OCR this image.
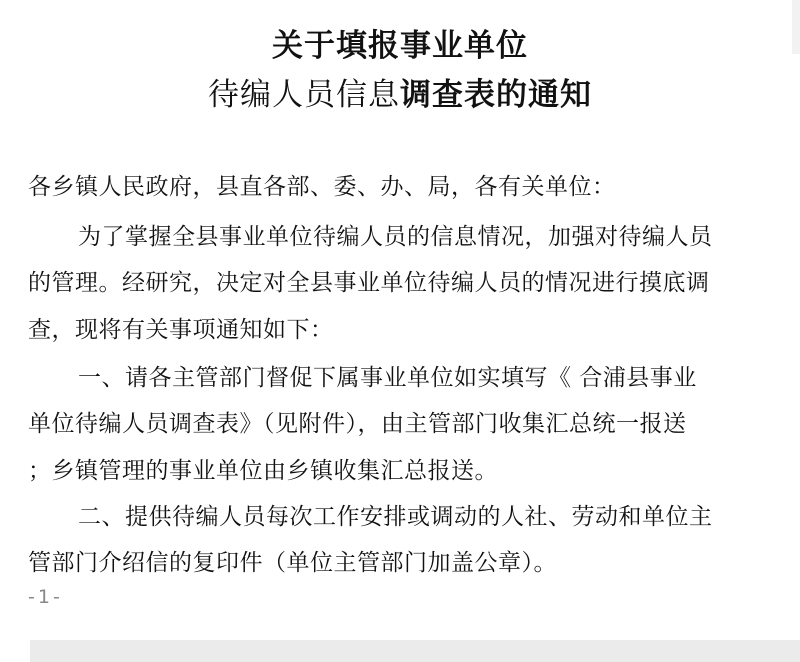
关于填报事业单位
待编人员信息调查表的通知
各乡镇人民政府，县直各部、委、办、局，各有关单位：
为了掌握全县事业单位待编人员的信息情况，加强对待编人员
的管理。经研究，决定对全县事业单位待编人员的情况进行摸底调
查，现将有关事项通知如下：
一、请各主管部门督促下属事业单位如实填写《 合浦县事业
单位待编人员调查表》（见附件），由主管部门收集汇总统一报送
；乡镇管理的事业单位由乡镇收集汇总报送。
二、提供待编人员每次工作安排或调动的人社、劳动和单位主
管部门介绍信的复印件（单位主管部门加盖公章）。
-1-
